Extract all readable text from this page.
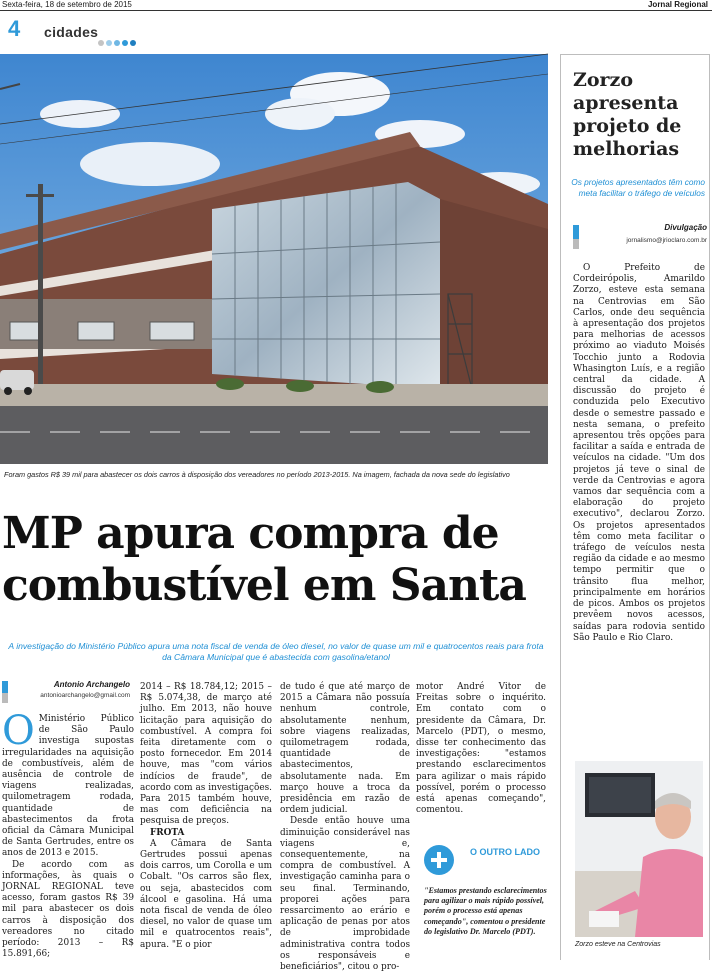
Sexta-feira, 18 de setembro de 2015	Jornal Regional
4 cidades
Foram gastos R$ 39 mil para abastecer os dois carros à disposição dos vereadores no período 2013-2015. Na imagem, fachada da nova sede do legislativo
MP apura compra de
combustível em Santa
A investigação do Ministério Público apura uma nota fiscal de venda de óleo diesel, no valor de quase um mil e quatrocentos reais para frota da Câmara Municipal que é abastecida com gasolina/etanol
Antonio Archangelo
antonioarchangelo@gmail.com

O Ministério Público de São Paulo investiga supostas irregularidades na aquisição de combustíveis, além de ausência de controle de viagens realizadas, quilometragem rodada, quantidade de abastecimentos da frota oficial da Câmara Municipal de Santa Gertrudes, entre os anos de 2013 e 2015.

De acordo com as informações, às quais o JORNAL REGIONAL teve acesso, foram gastos R$ 39 mil para abastecer os dois carros à disposição dos vereadores no citado período: 2013 – R$ 15.891,66;

2014 – R$ 18.784,12; 2015 – R$ 5.074,38, de março até julho. Em 2013, não houve licitação para aquisição do combustível. A compra foi feita diretamente com o posto fornecedor. Em 2014 houve, mas "com vários indícios de fraude", de acordo com as investigações. Para 2015 também houve, mas com deficiência na pesquisa de preços.

FROTA

A Câmara de Santa Gertrudes possui apenas dois carros, um Corolla e um Cobalt. "Os carros são flex, ou seja, abastecidos com álcool e gasolina. Há uma nota fiscal de venda de óleo diesel, no valor de quase um mil e quatrocentos reais", apura. "E o pior

de tudo é que até março de 2015 a Câmara não possuía nenhum controle, absolutamente nenhum, sobre viagens realizadas, quilometragem rodada, quantidade de abastecimentos, absolutamente nada. Em março houve a troca da presidência em razão de ordem judicial.

Desde então houve uma diminuição considerável nas viagens e, consequentemente, na compra de combustível. A investigação caminha para o seu final. Terminando, proporei ações para ressarcimento ao erário e aplicação de penas por atos de improbidade administrativa contra todos os responsáveis e beneficiários", citou o pro-

motor André Vitor de Freitas sobre o inquérito. Em contato com o presidente da Câmara, Dr. Marcelo (PDT), o mesmo, disse ter conhecimento das investigações: "estamos prestando esclarecimentos para agilizar o mais rápido possível, porém o processo está apenas começando", comentou.

O OUTRO LADO
"Estamos prestando esclarecimentos para agilizar o mais rápido possível, porém o processo está apenas começando", comentou o presidente do legislativo Dr. Marcelo (PDT).
Zorzo apresenta projeto de melhorias
Os projetos apresentados têm como meta facilitar o tráfego de veículos
Divulgação
jornalismo@jrioclaro.com.br
O Prefeito de Cordeirópolis, Amarildo Zorzo, esteve esta semana na Centrovias em São Carlos, onde deu sequência à apresentação dos projetos para melhorias de acessos próximo ao viaduto Moisés Tocchio junto a Rodovia Whasington Luís, e a região central da cidade. A discussão do projeto é conduzida pelo Executivo desde o semestre passado e nesta semana, o prefeito apresentou três opções para facilitar a saída e entrada de veículos na cidade. "Um dos projetos já teve o sinal de verde da Centrovias e agora vamos dar sequência com a elaboração do projeto executivo", declarou Zorzo. Os projetos apresentados têm como meta facilitar o tráfego de veículos nesta região da cidade e ao mesmo tempo permitir que o trânsito flua melhor, principalmente em horários de picos. Ambos os projetos prevêem novos acessos, saídas para rodovia sentido São Paulo e Rio Claro.
Zorzo esteve na Centrovias
